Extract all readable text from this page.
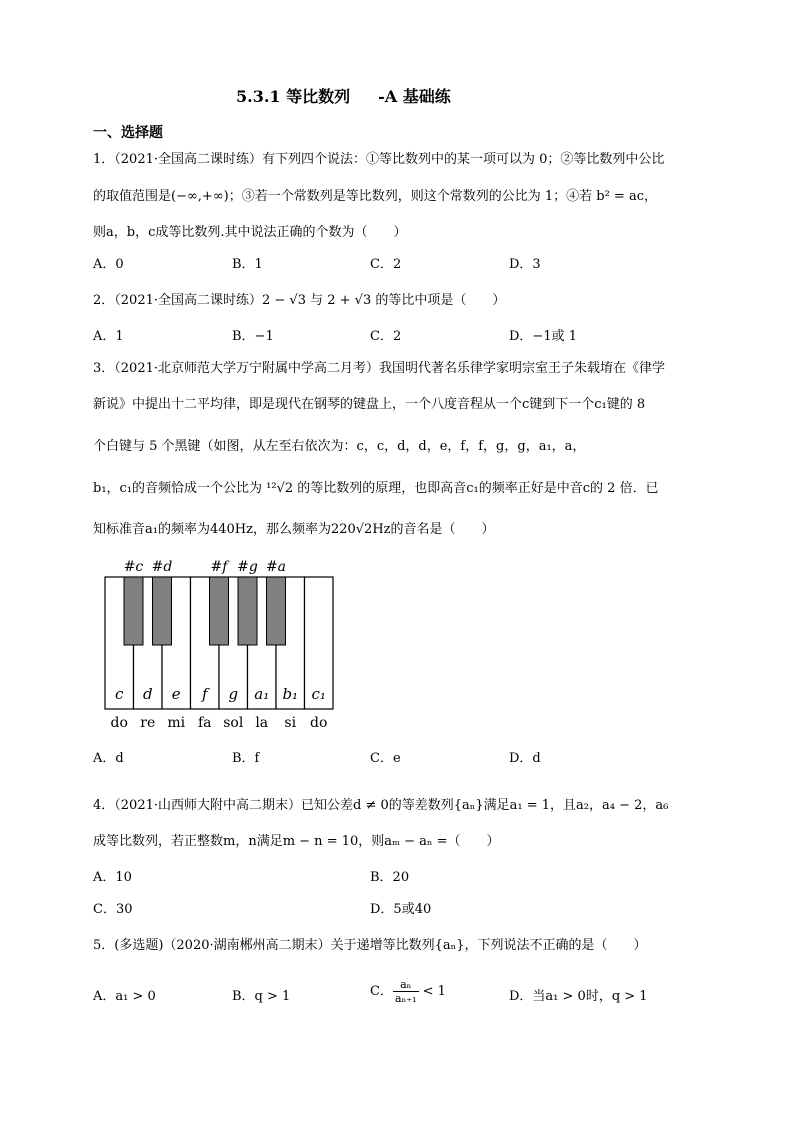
5.3.1 等比数列 -A 基础练
一、选择题
1．（2021·全国高二课时练）有下列四个说法：①等比数列中的某一项可以为 0；②等比数列中公比
的取值范围是(−∞,+∞)；③若一个常数列是等比数列，则这个常数列的公比为 1；④若 b² = ac，
则a，b，c成等比数列.其中说法正确的个数为（　　）
A．0	B．1	C．2	D．3
2．（2021·全国高二课时练）2 − √3 与 2 + √3 的等比中项是（　　）
A．1	B．−1	C．2	D．−1或 1
3．（2021·北京师范大学万宁附属中学高二月考）我国明代著名乐律学家明宗室王子朱载堉在《律学
新说》中提出十二平均律，即是现代在钢琴的键盘上，一个八度音程从一个c键到下一个c₁键的 8
个白键与 5 个黑键（如图，从左至右依次为：c，c，d，d，e，f，f，g，g，a₁，a，
b₁，c₁的音频恰成一个公比为 ¹²√2 的等比数列的原理，也即高音c₁的频率正好是中音c的 2 倍．已
知标准音a₁的频率为440Hz，那么频率为220√2Hz的音名是（　　）
#c #d	#f #g #a
c d e f g a₁ b₁ c₁
do re mi fa sol la si do
A．d	B．f	C．e	D．d
4．（2021·山西师大附中高二期末）已知公差d ≠ 0的等差数列{aₙ}满足a₁ = 1，且a₂，a₄ − 2，a₆
成等比数列，若正整数m，n满足m − n = 10，则aₘ − aₙ =（　　）
A．10	B．20
C．30	D．5或40
5．(多选题)（2020·湖南郴州高二期末）关于递增等比数列{aₙ}，下列说法不正确的是（　　）
A．a₁ > 0	B．q > 1	C． $\frac{\text{aₙ}}{\text{aₙ₊₁}} < 1$	D．当a₁ > 0时，q > 1
